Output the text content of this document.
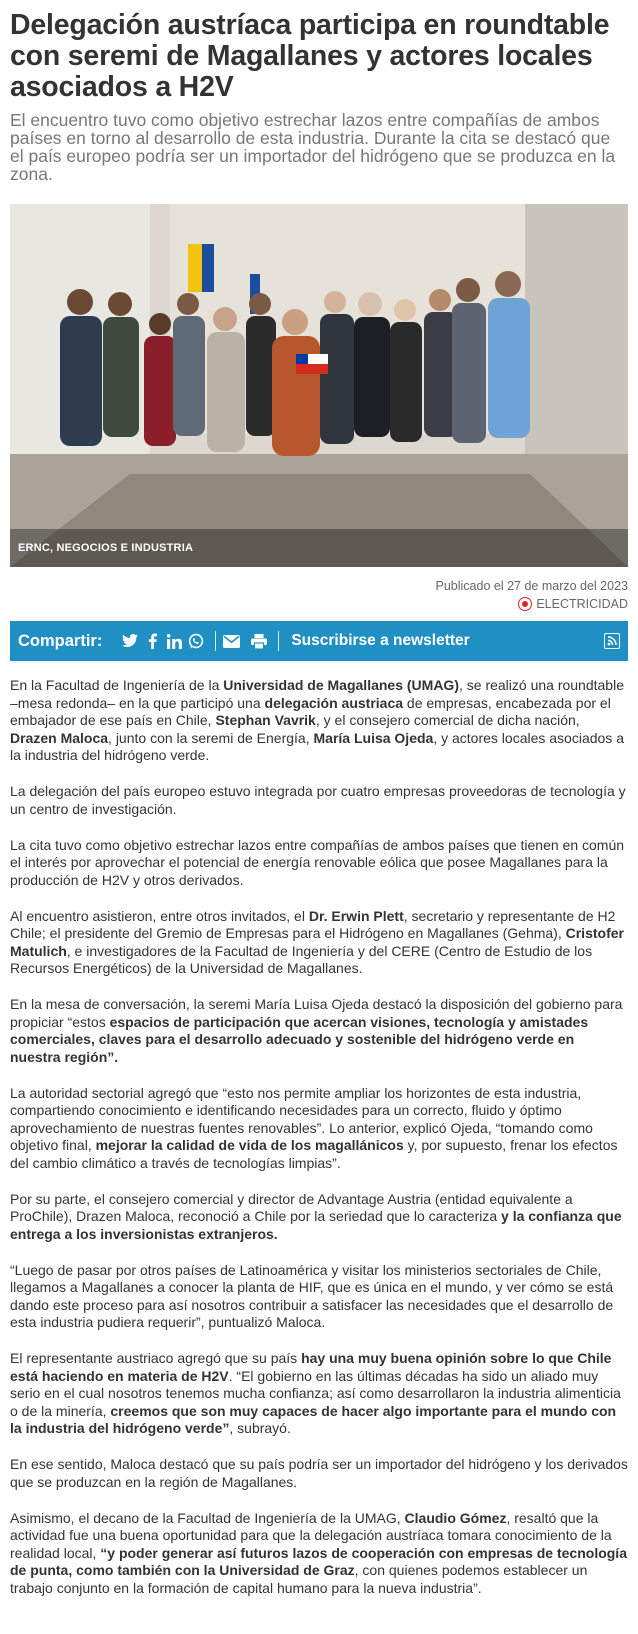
Delegación austríaca participa en roundtable con seremi de Magallanes y actores locales asociados a H2V
El encuentro tuvo como objetivo estrechar lazos entre compañías de ambos países en torno al desarrollo de esta industria. Durante la cita se destacó que el país europeo podría ser un importador del hidrógeno que se produzca en la zona.
ERNC, NEGOCIOS E INDUSTRIA
Publicado el 27 de marzo del 2023
ELECTRICIDAD
Compartir:	Suscribirse a newsletter

En la Facultad de Ingeniería de la Universidad de Magallanes (UMAG), se realizó una roundtable –mesa redonda– en la que participó una delegación austriaca de empresas, encabezada por el embajador de ese país en Chile, Stephan Vavrik, y el consejero comercial de dicha nación, Drazen Maloca, junto con la seremi de Energía, María Luisa Ojeda, y actores locales asociados a la industria del hidrógeno verde.

La delegación del país europeo estuvo integrada por cuatro empresas proveedoras de tecnología y un centro de investigación.

La cita tuvo como objetivo estrechar lazos entre compañías de ambos países que tienen en común el interés por aprovechar el potencial de energía renovable eólica que posee Magallanes para la producción de H2V y otros derivados.

Al encuentro asistieron, entre otros invitados, el Dr. Erwin Plett, secretario y representante de H2 Chile; el presidente del Gremio de Empresas para el Hidrógeno en Magallanes (Gehma), Cristofer Matulich, e investigadores de la Facultad de Ingeniería y del CERE (Centro de Estudio de los Recursos Energéticos) de la Universidad de Magallanes.

En la mesa de conversación, la seremi María Luisa Ojeda destacó la disposición del gobierno para propiciar “estos espacios de participación que acercan visiones, tecnología y amistades comerciales, claves para el desarrollo adecuado y sostenible del hidrógeno verde en nuestra región”.

La autoridad sectorial agregó que “esto nos permite ampliar los horizontes de esta industria, compartiendo conocimiento e identificando necesidades para un correcto, fluido y óptimo aprovechamiento de nuestras fuentes renovables”. Lo anterior, explicó Ojeda, “tomando como objetivo final, mejorar la calidad de vida de los magallánicos y, por supuesto, frenar los efectos del cambio climático a través de tecnologías limpias”.

Por su parte, el consejero comercial y director de Advantage Austria (entidad equivalente a ProChile), Drazen Maloca, reconoció a Chile por la seriedad que lo caracteriza y la confianza que entrega a los inversionistas extranjeros.

“Luego de pasar por otros países de Latinoamérica y visitar los ministerios sectoriales de Chile, llegamos a Magallanes a conocer la planta de HIF, que es única en el mundo, y ver cómo se está dando este proceso para así nosotros contribuir a satisfacer las necesidades que el desarrollo de esta industria pudiera requerir”, puntualizó Maloca.

El representante austriaco agregó que su país hay una muy buena opinión sobre lo que Chile está haciendo en materia de H2V. “El gobierno en las últimas décadas ha sido un aliado muy serio en el cual nosotros tenemos mucha confianza; así como desarrollaron la industria alimenticia o de la minería, creemos que son muy capaces de hacer algo importante para el mundo con la industria del hidrógeno verde”, subrayó.

En ese sentido, Maloca destacó que su país podría ser un importador del hidrógeno y los derivados que se produzcan en la región de Magallanes.

Asimismo, el decano de la Facultad de Ingeniería de la UMAG, Claudio Gómez, resaltó que la actividad fue una buena oportunidad para que la delegación austríaca tomara conocimiento de la realidad local, “y poder generar así futuros lazos de cooperación con empresas de tecnología de punta, como también con la Universidad de Graz, con quienes podemos establecer un trabajo conjunto en la formación de capital humano para la nueva industria”.
